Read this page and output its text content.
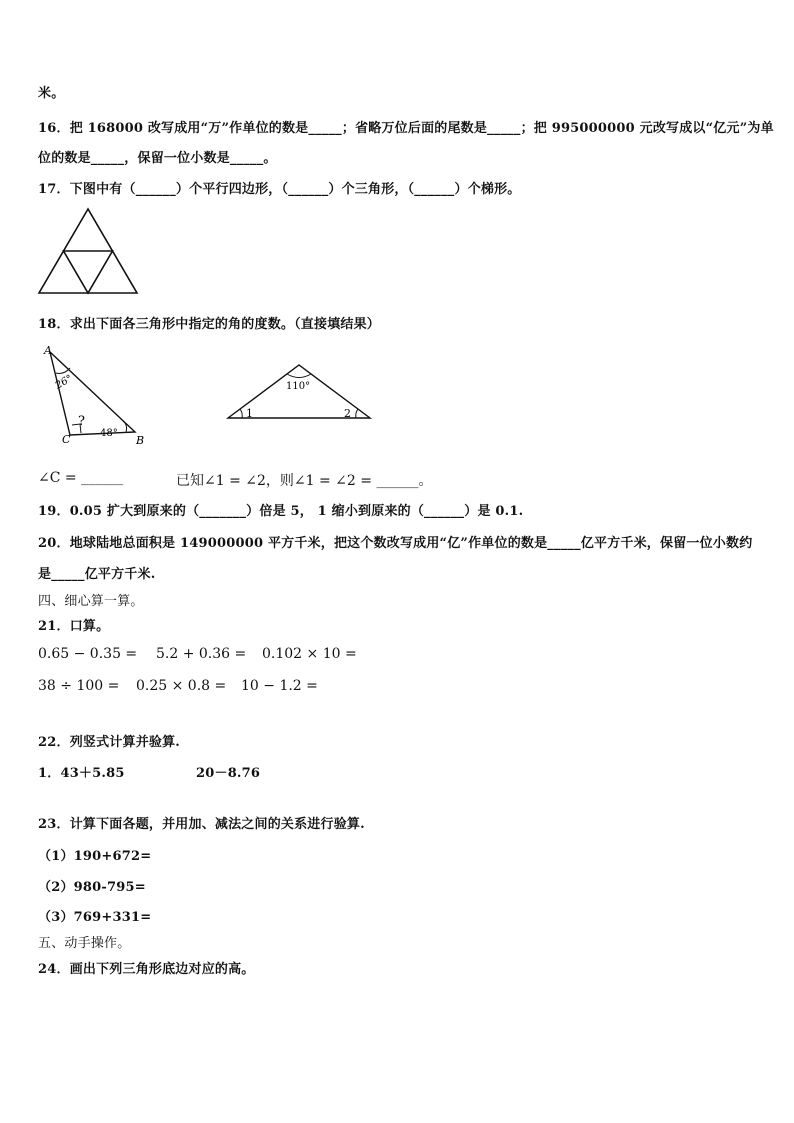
米。
16．把 168000 改写成用“万”作单位的数是_____；省略万位后面的尾数是_____；把 995000000 元改写成以“亿元”为单
位的数是_____，保留一位小数是_____。
17．下图中有（______）个平行四边形，（______）个三角形，（______）个梯形。
18．求出下面各三角形中指定的角的度数。（直接填结果）
A
26°
?
C	48°
B
110°
1	2
∠C = ______	已知∠1 = ∠2，则∠1 = ∠2 = ______。
19．0.05 扩大到原来的（_______）倍是 5， 1 缩小到原来的（______）是 0.1.
20．地球陆地总面积是 149000000 平方千米，把这个数改写成用“亿”作单位的数是_____亿平方千米，保留一位小数约
是_____亿平方千米.
四、细心算一算。
21．口算。
0.65 − 0.35 = 5.2 + 0.36 = 0.102 × 10 =
38 ÷ 100 = 0.25 × 0.8 = 10 − 1.2 =
22．列竖式计算并验算.
1．43＋5.85	20－8.76
23．计算下面各题，并用加、减法之间的关系进行验算.
（1）190+672=
（2）980-795=
（3）769+331=
五、动手操作。
24．画出下列三角形底边对应的高。
